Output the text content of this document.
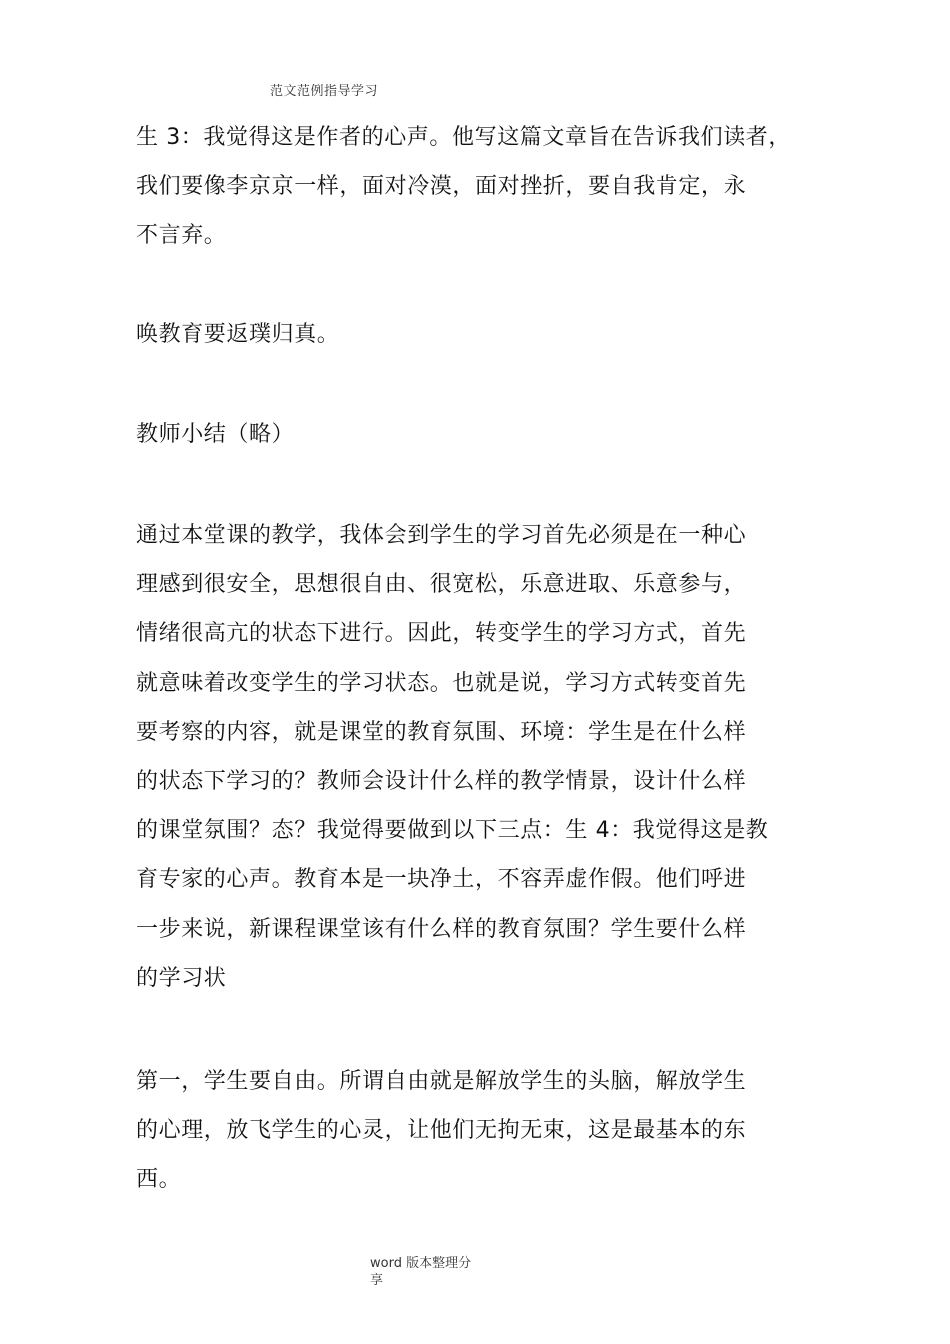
范文范例指导学习
生 3：我觉得这是作者的心声。他写这篇文章旨在告诉我们读者，
我们要像李京京一样，面对冷漠，面对挫折，要自我肯定，永
不言弃。
唤教育要返璞归真。
教师小结（略）
通过本堂课的教学，我体会到学生的学习首先必须是在一种心
理感到很安全，思想很自由、很宽松，乐意进取、乐意参与，
情绪很高亢的状态下进行。因此，转变学生的学习方式，首先
就意味着改变学生的学习状态。也就是说，学习方式转变首先
要考察的内容，就是课堂的教育氛围、环境：学生是在什么样
的状态下学习的？教师会设计什么样的教学情景，设计什么样
的课堂氛围？态？我觉得要做到以下三点：生 4：我觉得这是教
育专家的心声。教育本是一块净土，不容弄虚作假。他们呼进
一步来说，新课程课堂该有什么样的教育氛围？学生要什么样
的学习状
第一，学生要自由。所谓自由就是解放学生的头脑，解放学生
的心理，放飞学生的心灵，让他们无拘无束，这是最基本的东
西。
word 版本整理分
享
